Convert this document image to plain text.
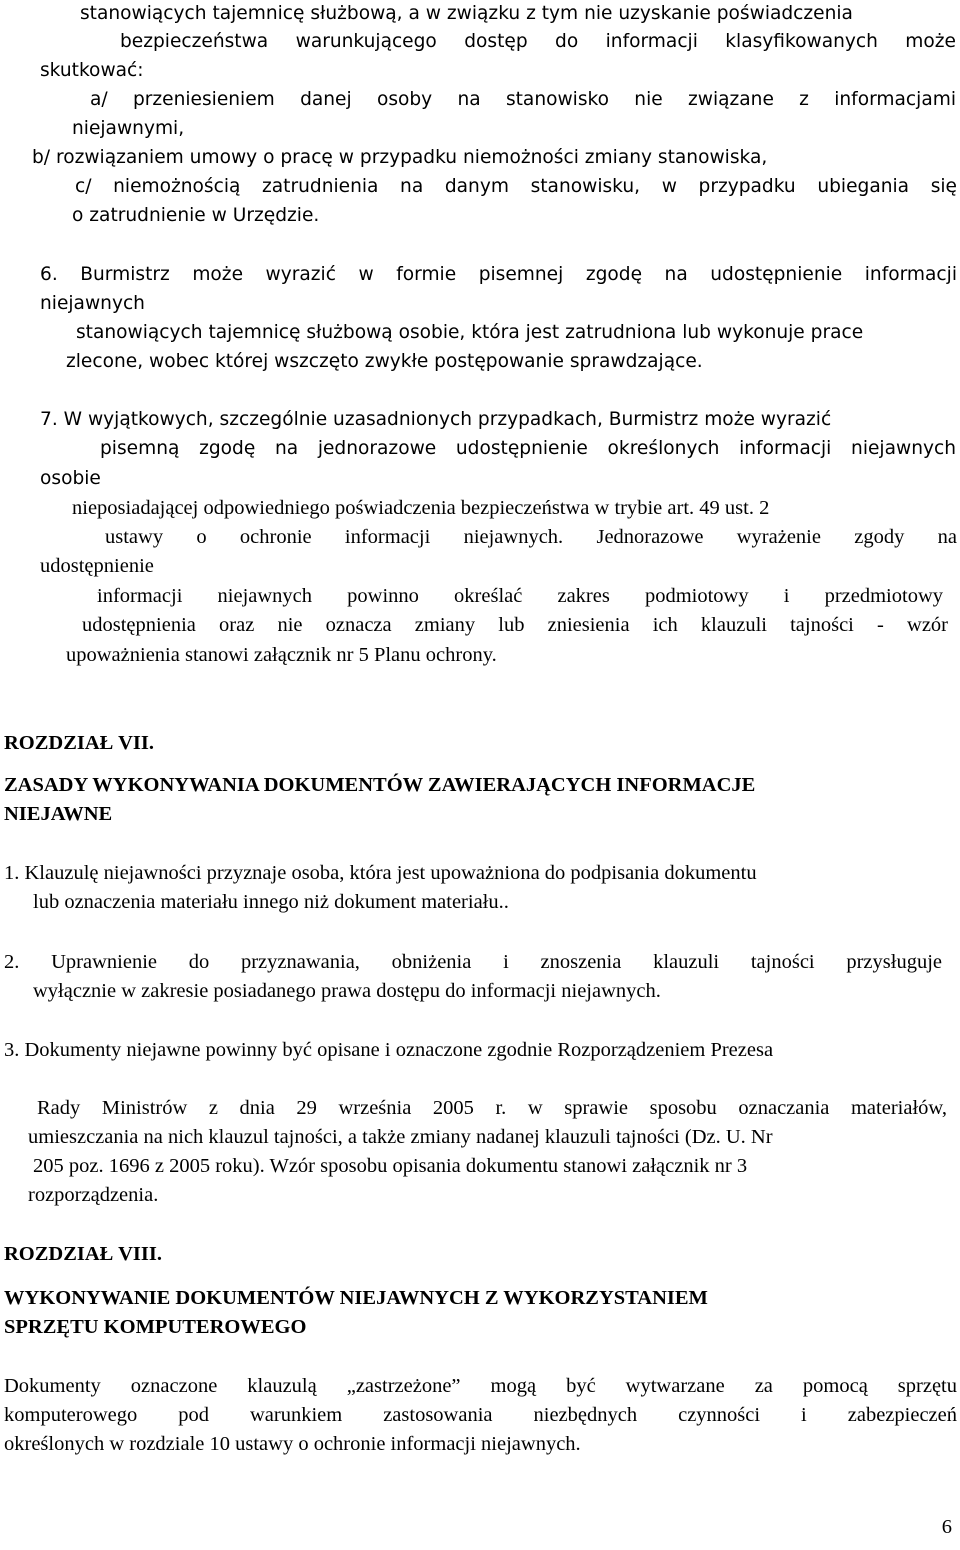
stanowiących tajemnicę służbową, a w związku z tym nie uzyskanie poświadczenia
bezpieczeństwa warunkującego dostęp do informacji klasyfikowanych może
skutkować:
a/ przeniesieniem danej osoby na stanowisko nie związane z informacjami
niejawnymi,
b/ rozwiązaniem umowy o pracę w przypadku niemożności zmiany stanowiska,
c/ niemożnością zatrudnienia na danym stanowisku, w przypadku ubiegania się
o zatrudnienie w Urzędzie.
6. Burmistrz może wyrazić w formie pisemnej zgodę na udostępnienie informacji
niejawnych
stanowiących tajemnicę służbową osobie, która jest zatrudniona lub wykonuje prace
zlecone, wobec której wszczęto zwykłe postępowanie sprawdzające.
7. W wyjątkowych, szczególnie uzasadnionych przypadkach, Burmistrz może wyrazić
pisemną zgodę na jednorazowe udostępnienie określonych informacji niejawnych
osobie
nieposiadającej odpowiedniego poświadczenia bezpieczeństwa w trybie art. 49 ust. 2
ustawy o ochronie informacji niejawnych. Jednorazowe wyrażenie zgody na
udostępnienie
informacji niejawnych powinno określać zakres podmiotowy i przedmiotowy
udostępnienia oraz nie oznacza zmiany lub zniesienia ich klauzuli tajności - wzór
upoważnienia stanowi załącznik nr 5 Planu ochrony.
ROZDZIAŁ VII.
ZASADY WYKONYWANIA DOKUMENTÓW ZAWIERAJĄCYCH INFORMACJE
NIEJAWNE
1. Klauzulę niejawności przyznaje osoba, która jest upoważniona do podpisania dokumentu
lub oznaczenia materiału innego niż dokument materiału..
2. Uprawnienie do przyznawania, obniżenia i znoszenia klauzuli tajności przysługuje
wyłącznie w zakresie posiadanego prawa dostępu do informacji niejawnych.
3. Dokumenty niejawne powinny być opisane i oznaczone zgodnie Rozporządzeniem Prezesa
Rady Ministrów z dnia 29 września 2005 r. w sprawie sposobu oznaczania materiałów,
umieszczania na nich klauzul tajności, a także zmiany nadanej klauzuli tajności (Dz. U. Nr
205 poz. 1696 z 2005 roku). Wzór sposobu opisania dokumentu stanowi załącznik nr 3
rozporządzenia.
ROZDZIAŁ VIII.
WYKONYWANIE DOKUMENTÓW NIEJAWNYCH Z WYKORZYSTANIEM
SPRZĘTU KOMPUTEROWEGO
Dokumenty oznaczone klauzulą „zastrzeżone” mogą być wytwarzane za pomocą sprzętu
komputerowego pod warunkiem zastosowania niezbędnych czynności i zabezpieczeń
określonych w rozdziale 10 ustawy o ochronie informacji niejawnych.
6
